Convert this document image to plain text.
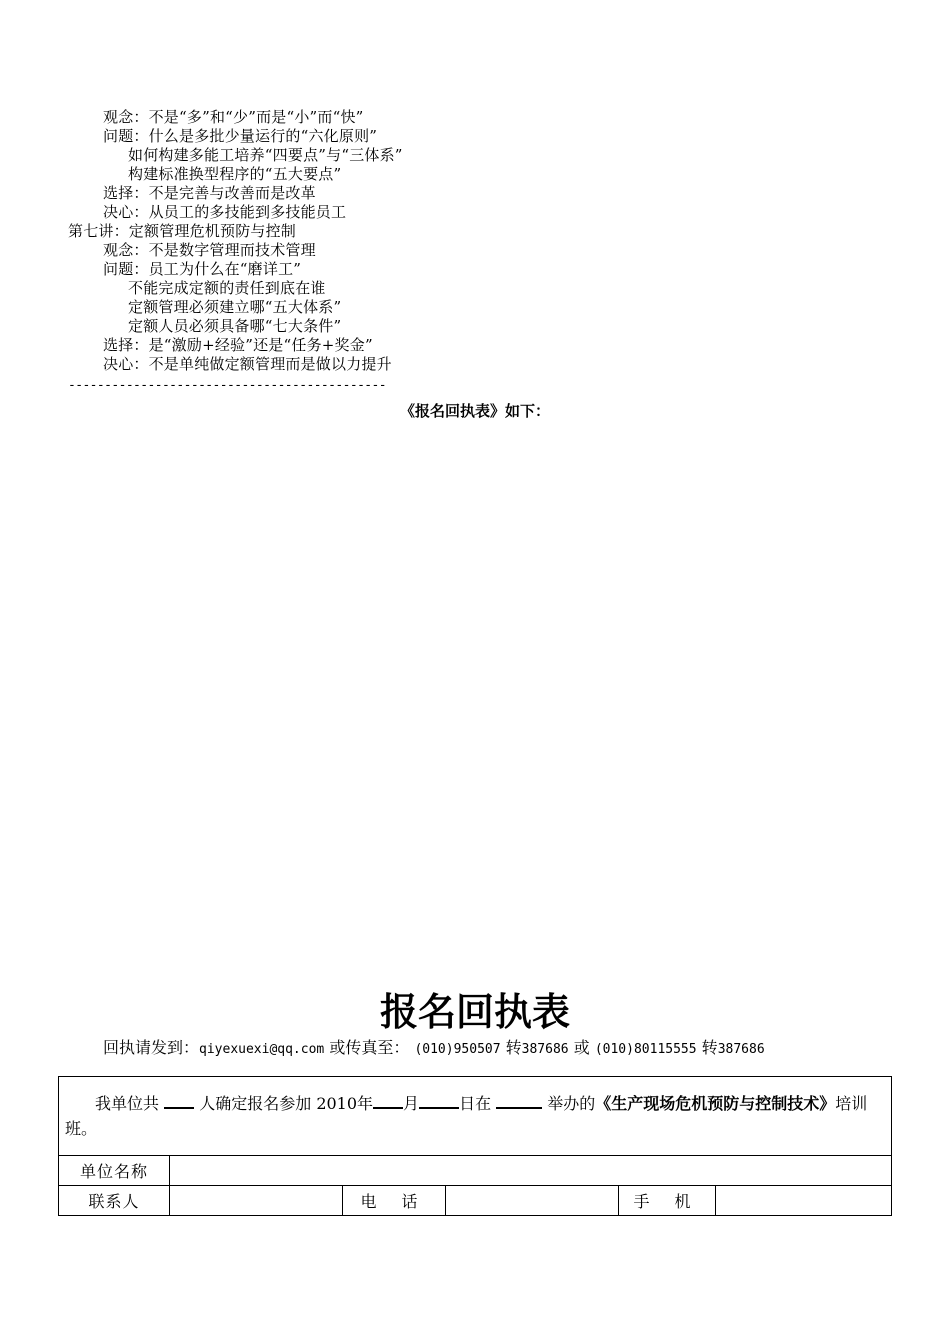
观念：不是“多”和“少”而是“小”而“快”
问题：什么是多批少量运行的“六化原则”
如何构建多能工培养“四要点”与“三体系”
构建标准换型程序的“五大要点”
选择：不是完善与改善而是改革
决心：从员工的多技能到多技能员工
第七讲：定额管理危机预防与控制
观念：不是数字管理而技术管理
问题：员工为什么在“磨详工”
不能完成定额的责任到底在谁
定额管理必须建立哪“五大体系”
定额人员必须具备哪“七大条件”
选择：是“激励+经验”还是“任务+奖金”
决心：不是单纯做定额管理而是做以力提升
--------------------------------------------
《报名回执表》如下：
报名回执表
回执请发到：qiyexuexi@qq.com 或传真至： (010)950507 转387686 或 (010)80115555 转387686
我单位共 人确定报名参加 2010年 月 日在 举办的《生产现场危机预防与控制技术》培训班。					
单位名称					
联系人		电 话		手 机	
